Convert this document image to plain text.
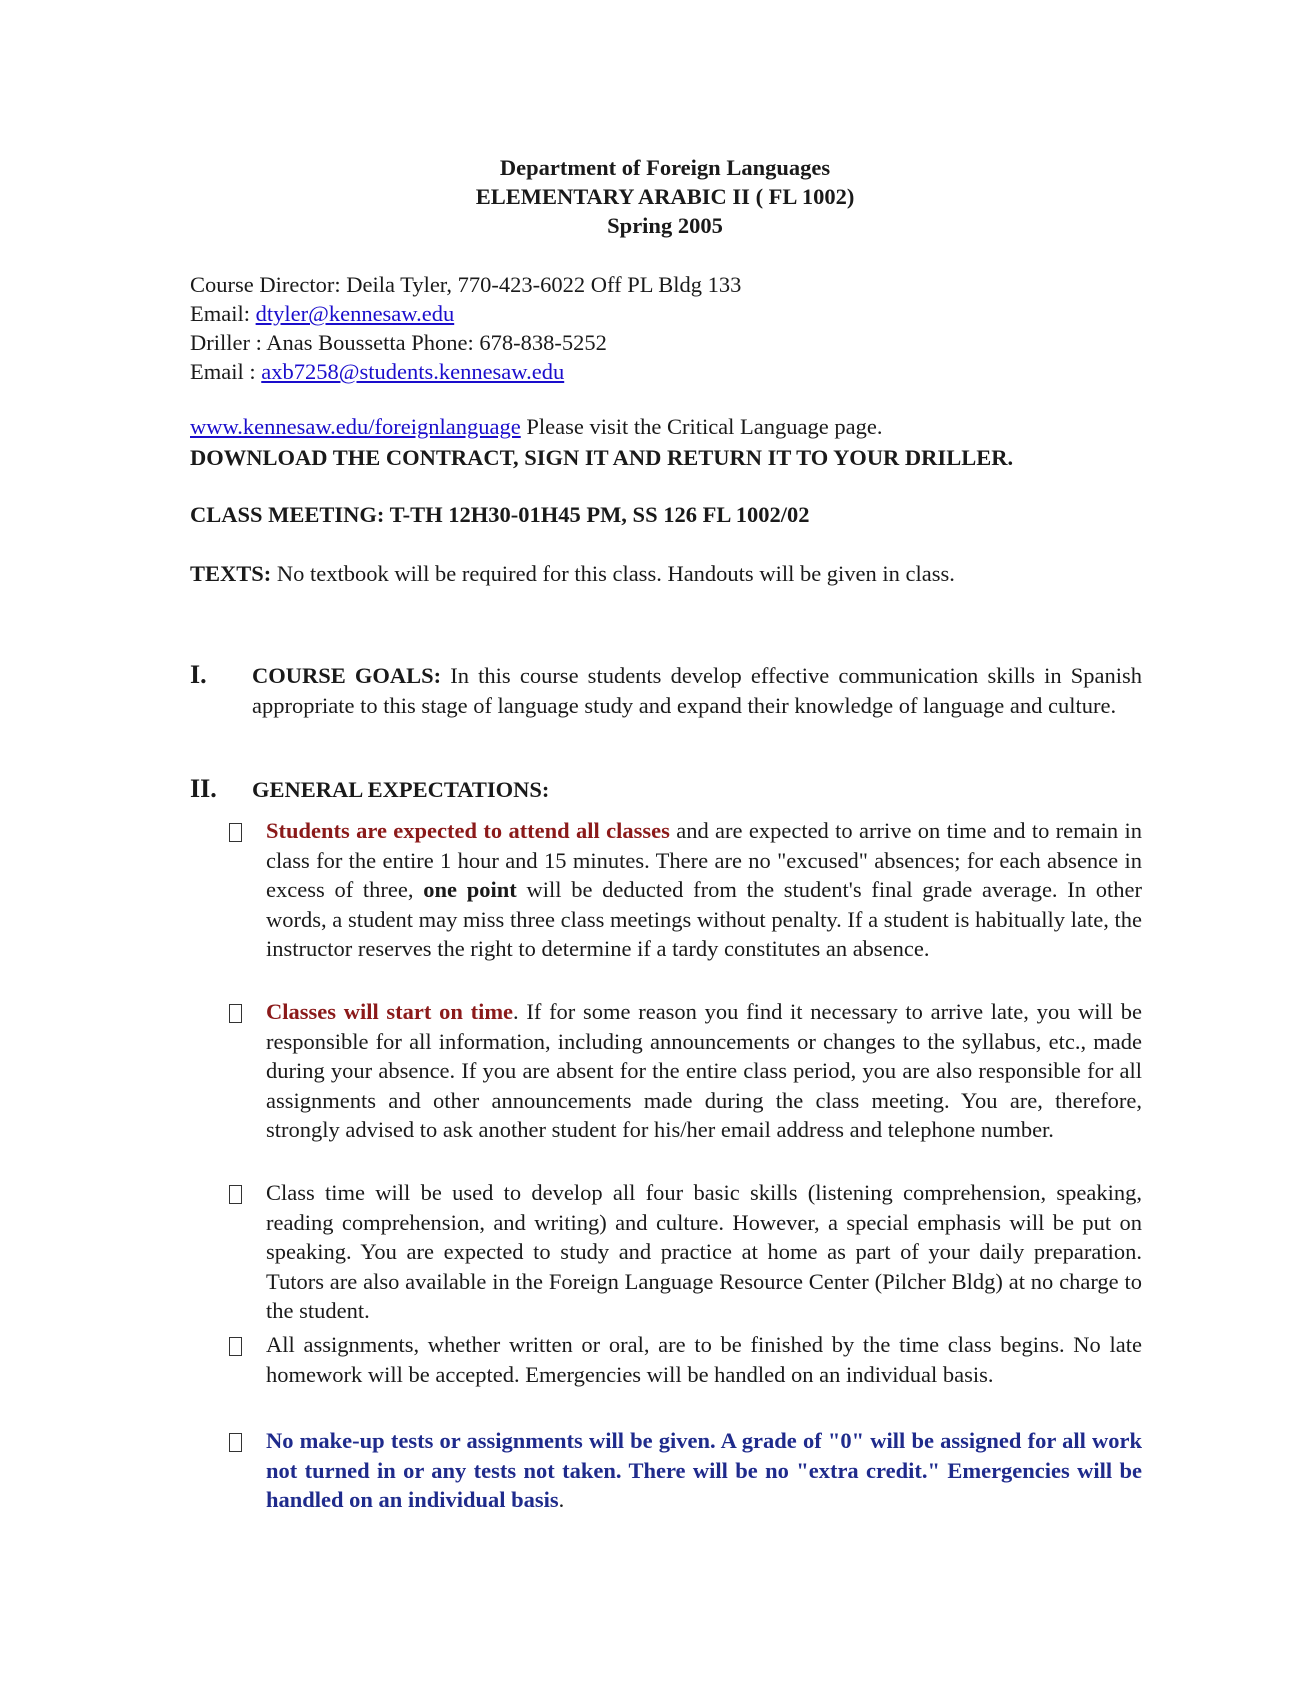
Department of Foreign Languages
ELEMENTARY ARABIC II ( FL 1002)
Spring 2005
Course Director: Deila Tyler, 770-423-6022 Off PL Bldg 133
Email: dtyler@kennesaw.edu
Driller : Anas Boussetta Phone: 678-838-5252
Email : axb7258@students.kennesaw.edu
www.kennesaw.edu/foreignlanguage Please visit the Critical Language page.
DOWNLOAD THE CONTRACT, SIGN IT AND RETURN IT TO YOUR DRILLER.
CLASS MEETING: T-TH 12H30-01H45 PM, SS 126 FL 1002/02
TEXTS: No textbook will be required for this class. Handouts will be given in class.
I. COURSE GOALS: In this course students develop effective communication skills in Spanish appropriate to this stage of language study and expand their knowledge of language and culture.
II. GENERAL EXPECTATIONS:
Students are expected to attend all classes and are expected to arrive on time and to remain in class for the entire 1 hour and 15 minutes. There are no "excused" absences; for each absence in excess of three, one point will be deducted from the student's final grade average. In other words, a student may miss three class meetings without penalty. If a student is habitually late, the instructor reserves the right to determine if a tardy constitutes an absence.
Classes will start on time. If for some reason you find it necessary to arrive late, you will be responsible for all information, including announcements or changes to the syllabus, etc., made during your absence. If you are absent for the entire class period, you are also responsible for all assignments and other announcements made during the class meeting. You are, therefore, strongly advised to ask another student for his/her email address and telephone number.
Class time will be used to develop all four basic skills (listening comprehension, speaking, reading comprehension, and writing) and culture. However, a special emphasis will be put on speaking. You are expected to study and practice at home as part of your daily preparation. Tutors are also available in the Foreign Language Resource Center (Pilcher Bldg) at no charge to the student.
All assignments, whether written or oral, are to be finished by the time class begins. No late homework will be accepted. Emergencies will be handled on an individual basis.
No make-up tests or assignments will be given. A grade of "0" will be assigned for all work not turned in or any tests not taken. There will be no "extra credit." Emergencies will be handled on an individual basis.
